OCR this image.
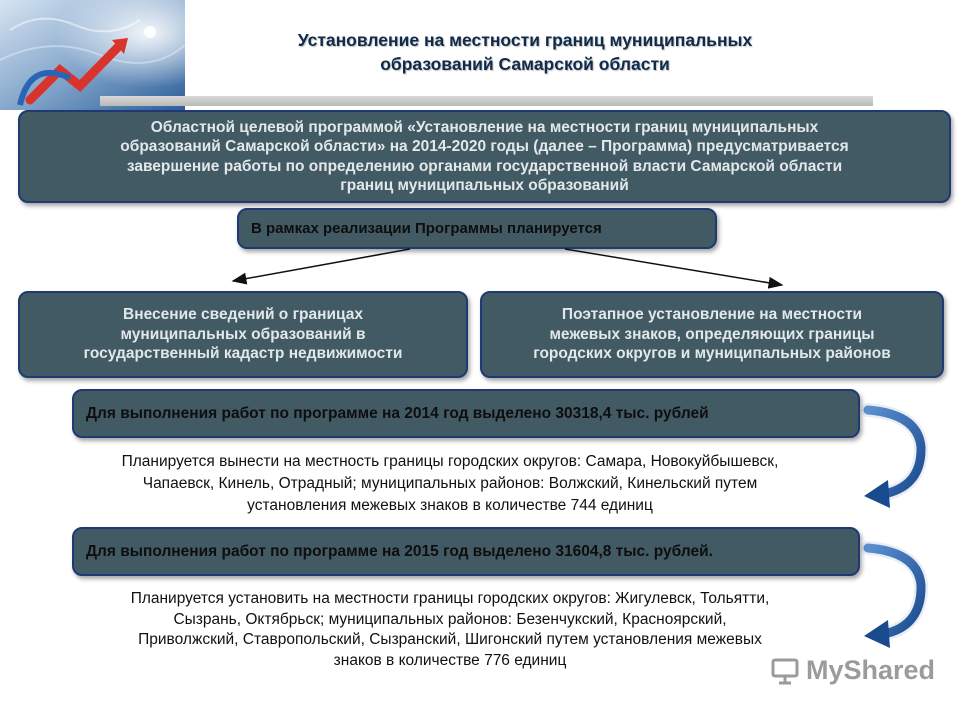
Установление на местности границ муниципальных
образований Самарской области
Областной целевой программой «Установление на местности границ муниципальных
образований Самарской области» на 2014-2020 годы (далее – Программа) предусматривается
завершение работы по определению органами государственной власти Самарской области
границ муниципальных образований
В рамках реализации Программы планируется
Внесение сведений о границах
муниципальных образований в
государственный кадастр недвижимости
Поэтапное установление на местности
межевых знаков, определяющих границы
городских округов и муниципальных районов
Для выполнения работ по программе на 2014 год выделено 30318,4 тыс. рублей
Планируется вынести на местность границы городских округов: Самара, Новокуйбышевск,
Чапаевск, Кинель, Отрадный; муниципальных районов: Волжский, Кинельский путем
установления межевых знаков в количестве 744 единиц
Для выполнения работ по программе на 2015 год выделено 31604,8 тыс. рублей.
Планируется установить на местности границы городских округов: Жигулевск, Тольятти,
Сызрань, Октябрьск; муниципальных районов: Безенчукский, Красноярский,
Приволжский, Ставропольский, Сызранский, Шигонский путем установления межевых
знаков в количестве 776 единиц	MyShared
